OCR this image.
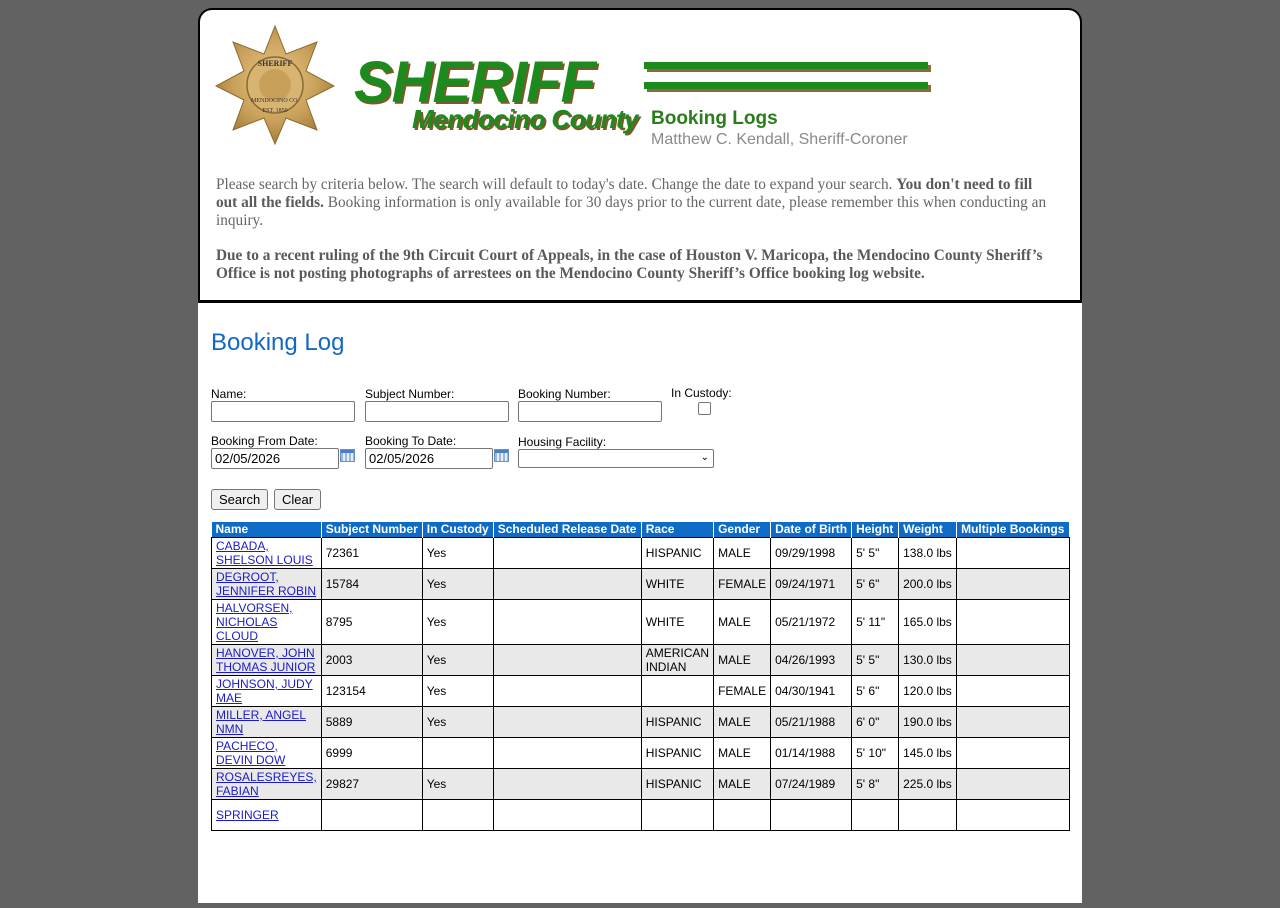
SHERIFF
MENDOCINO CO.
EST. 1850 SHERIFF
Mendocino County Booking Logs
Matthew C. Kendall, Sheriff-Coroner

Please search by criteria below. The search will default to today's date. Change the date to expand your search. You don't need to fill out all the fields. Booking information is only available for 30 days prior to the current date, please remember this when conducting an inquiry.

Due to a recent ruling of the 9th Circuit Court of Appeals, in the case of Houston V. Maricopa, the Mendocino County Sheriff’s Office is not posting photographs of arrestees on the Mendocino County Sheriff’s Office booking log website.

Booking Log
Name:	Subject Number:	Booking Number:	In Custody:
Booking From Date:
02/05/2026	Booking To Date:
02/05/2026	Housing Facility:
⌄
Search	Clear
Name	Subject Number	In Custody	Scheduled Release Date	Race	Gender	Date of Birth	Height	Weight	Multiple Bookings
CABADA, SHELSON LOUIS	72361	Yes		HISPANIC	MALE	09/29/1998	5' 5"	138.0 lbs	
DEGROOT, JENNIFER ROBIN	15784	Yes		WHITE	FEMALE	09/24/1971	5' 6"	200.0 lbs	
HALVORSEN, NICHOLAS CLOUD	8795	Yes		WHITE	MALE	05/21/1972	5' 11"	165.0 lbs	
HANOVER, JOHN THOMAS JUNIOR	2003	Yes		AMERICAN INDIAN	MALE	04/26/1993	5' 5"	130.0 lbs	
JOHNSON, JUDY MAE	123154	Yes			FEMALE	04/30/1941	5' 6"	120.0 lbs	
MILLER, ANGEL NMN	5889	Yes		HISPANIC	MALE	05/21/1988	6' 0"	190.0 lbs	
PACHECO, DEVIN DOW	6999			HISPANIC	MALE	01/14/1988	5' 10"	145.0 lbs	
ROSALESREYES, FABIAN	29827	Yes		HISPANIC	MALE	07/24/1989	5' 8"	225.0 lbs	
SPRINGER									
